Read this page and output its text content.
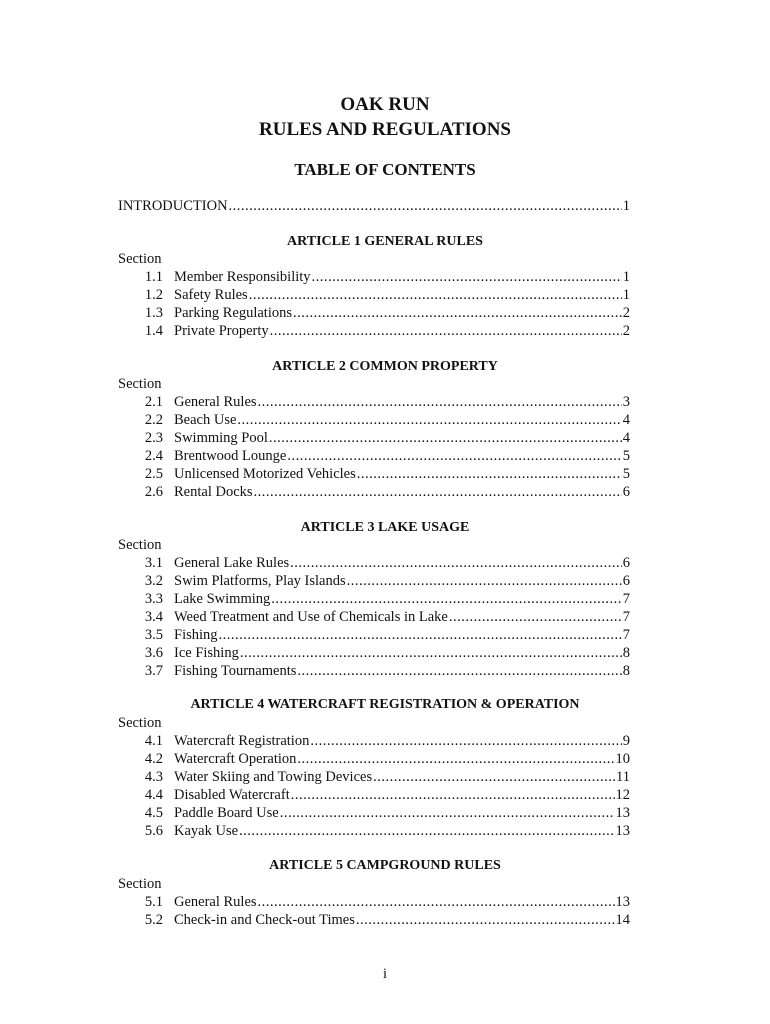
OAK RUN
RULES AND REGULATIONS
TABLE OF CONTENTS
INTRODUCTION .....	1
ARTICLE 1 GENERAL RULES
Section
1.1 Member Responsibility .....	1
1.2 Safety Rules .....	1
1.3 Parking Regulations .....	2
1.4 Private Property .....	2
ARTICLE 2 COMMON PROPERTY
Section
2.1 General Rules .....	3
2.2 Beach Use .....	4
2.3 Swimming Pool .....	4
2.4 Brentwood Lounge .....	5
2.5 Unlicensed Motorized Vehicles .....	5
2.6 Rental Docks .....	6
ARTICLE 3 LAKE USAGE
Section
3.1 General Lake Rules .....	6
3.2 Swim Platforms, Play Islands .....	6
3.3 Lake Swimming .....	7
3.4 Weed Treatment and Use of Chemicals in Lake .....	7
3.5 Fishing .....	7
3.6 Ice Fishing .....	8
3.7 Fishing Tournaments .....	8
ARTICLE 4 WATERCRAFT REGISTRATION & OPERATION
Section
4.1 Watercraft Registration .....	9
4.2 Watercraft Operation .....	10
4.3 Water Skiing and Towing Devices .....	11
4.4 Disabled Watercraft .....	12
4.5 Paddle Board Use .....	13
5.6 Kayak Use .....	13
ARTICLE 5 CAMPGROUND RULES
Section
5.1 General Rules .....	13
5.2 Check-in and Check-out Times .....	14
i
